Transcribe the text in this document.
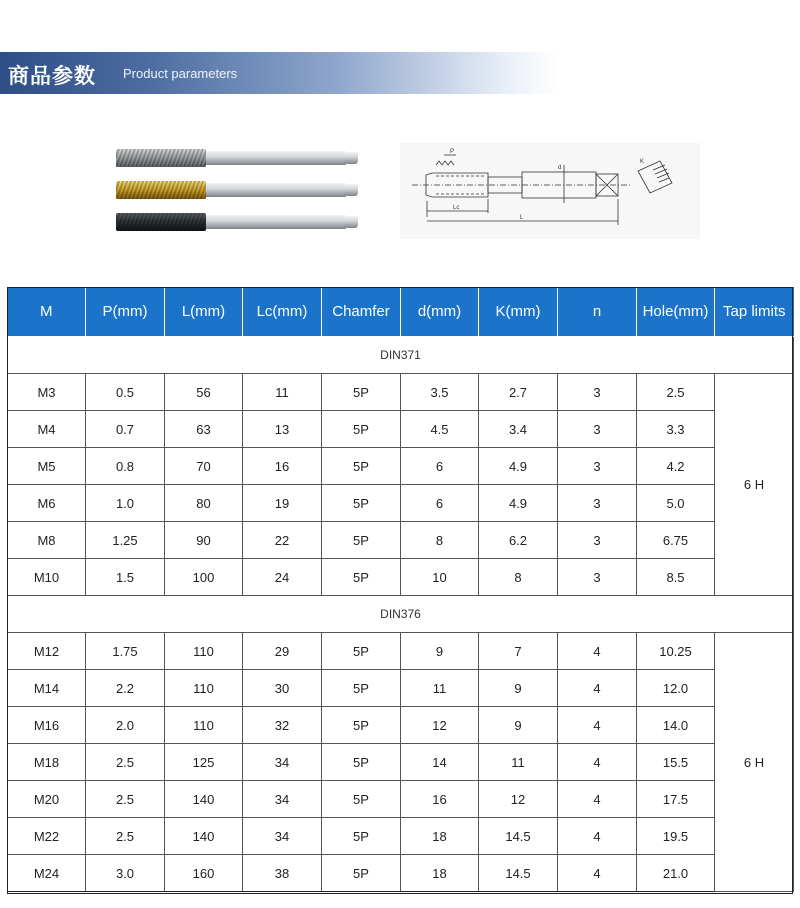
商品参数 Product parameters
P
Lc
L
d
K
M	P(mm)	L(mm)	Lc(mm)	Chamfer	d(mm)	K(mm)	n	Hole(mm)	Tap limits
DIN371									
M3	0.5	56	11	5P	3.5	2.7	3	2.5	6 H
M4	0.7	63	13	5P	4.5	3.4	3	3.3	
M5	0.8	70	16	5P	6	4.9	3	4.2	
M6	1.0	80	19	5P	6	4.9	3	5.0	
M8	1.25	90	22	5P	8	6.2	3	6.75	
M10	1.5	100	24	5P	10	8	3	8.5	
DIN376									
M12	1.75	110	29	5P	9	7	4	10.25	6 H
M14	2.2	110	30	5P	11	9	4	12.0	
M16	2.0	110	32	5P	12	9	4	14.0	
M18	2.5	125	34	5P	14	11	4	15.5	
M20	2.5	140	34	5P	16	12	4	17.5	
M22	2.5	140	34	5P	18	14.5	4	19.5	
M24	3.0	160	38	5P	18	14.5	4	21.0	
